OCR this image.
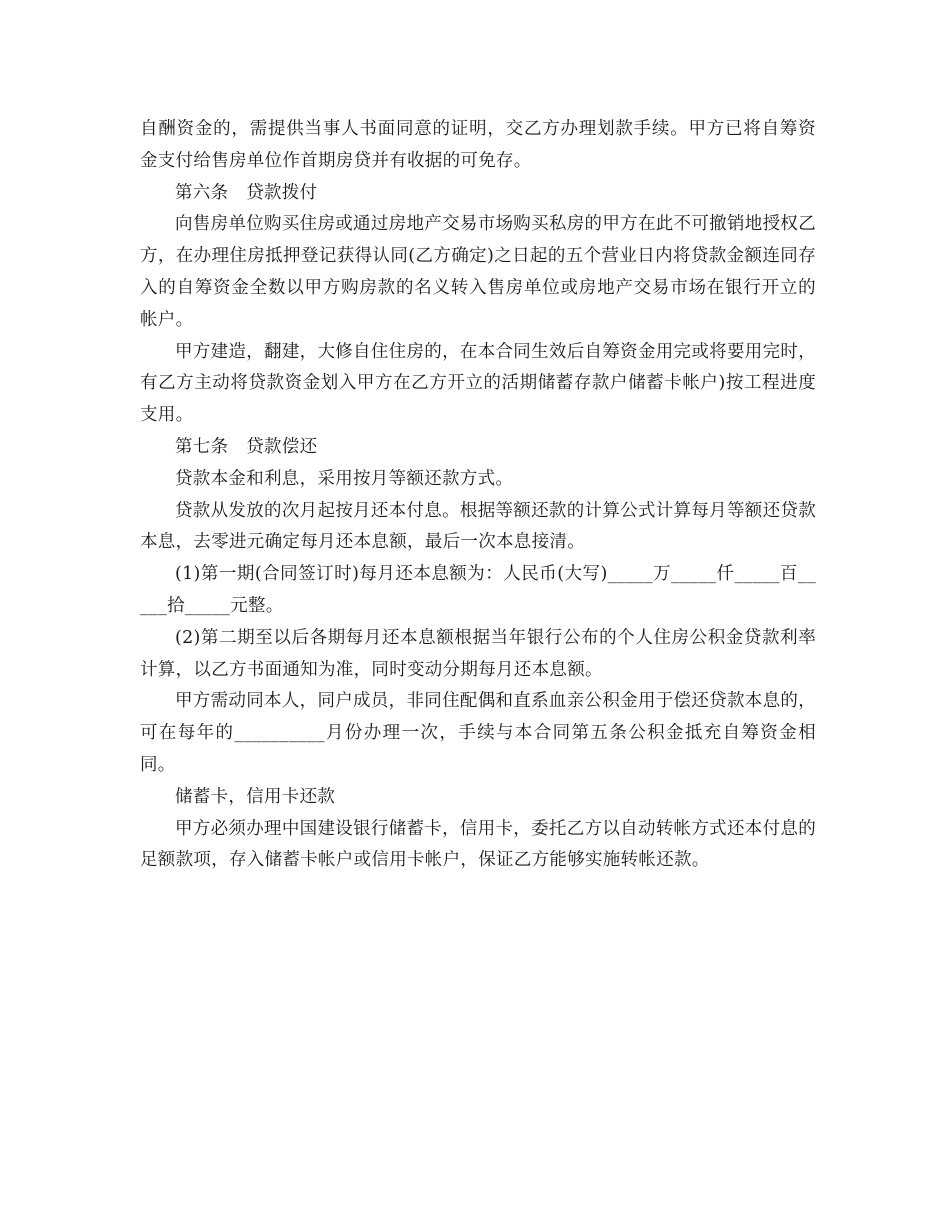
自酬资金的，需提供当事人书面同意的证明，交乙方办理划款手续。甲方已将自筹资金支付给售房单位作首期房贷并有收据的可免存。

第六条　贷款拨付

向售房单位购买住房或通过房地产交易市场购买私房的甲方在此不可撤销地授权乙方，在办理住房抵押登记获得认同(乙方确定)之日起的五个营业日内将贷款金额连同存入的自筹资金全数以甲方购房款的名义转入售房单位或房地产交易市场在银行开立的帐户。

甲方建造，翻建，大修自住住房的，在本合同生效后自筹资金用完或将要用完时，有乙方主动将贷款资金划入甲方在乙方开立的活期储蓄存款户储蓄卡帐户)按工程进度支用。

第七条　贷款偿还

贷款本金和利息，采用按月等额还款方式。

贷款从发放的次月起按月还本付息。根据等额还款的计算公式计算每月等额还贷款本息，去零进元确定每月还本息额，最后一次本息接清。

(1)第一期(合同签订时)每月还本息额为：人民币(大写)_____万_____仟_____百_____拾_____元整。

(2)第二期至以后各期每月还本息额根据当年银行公布的个人住房公积金贷款利率计算，以乙方书面通知为准，同时变动分期每月还本息额。

甲方需动同本人，同户成员，非同住配偶和直系血亲公积金用于偿还贷款本息的，可在每年的__________月份办理一次，手续与本合同第五条公积金抵充自筹资金相同。

储蓄卡，信用卡还款

甲方必须办理中国建设银行储蓄卡，信用卡，委托乙方以自动转帐方式还本付息的足额款项，存入储蓄卡帐户或信用卡帐户，保证乙方能够实施转帐还款。
